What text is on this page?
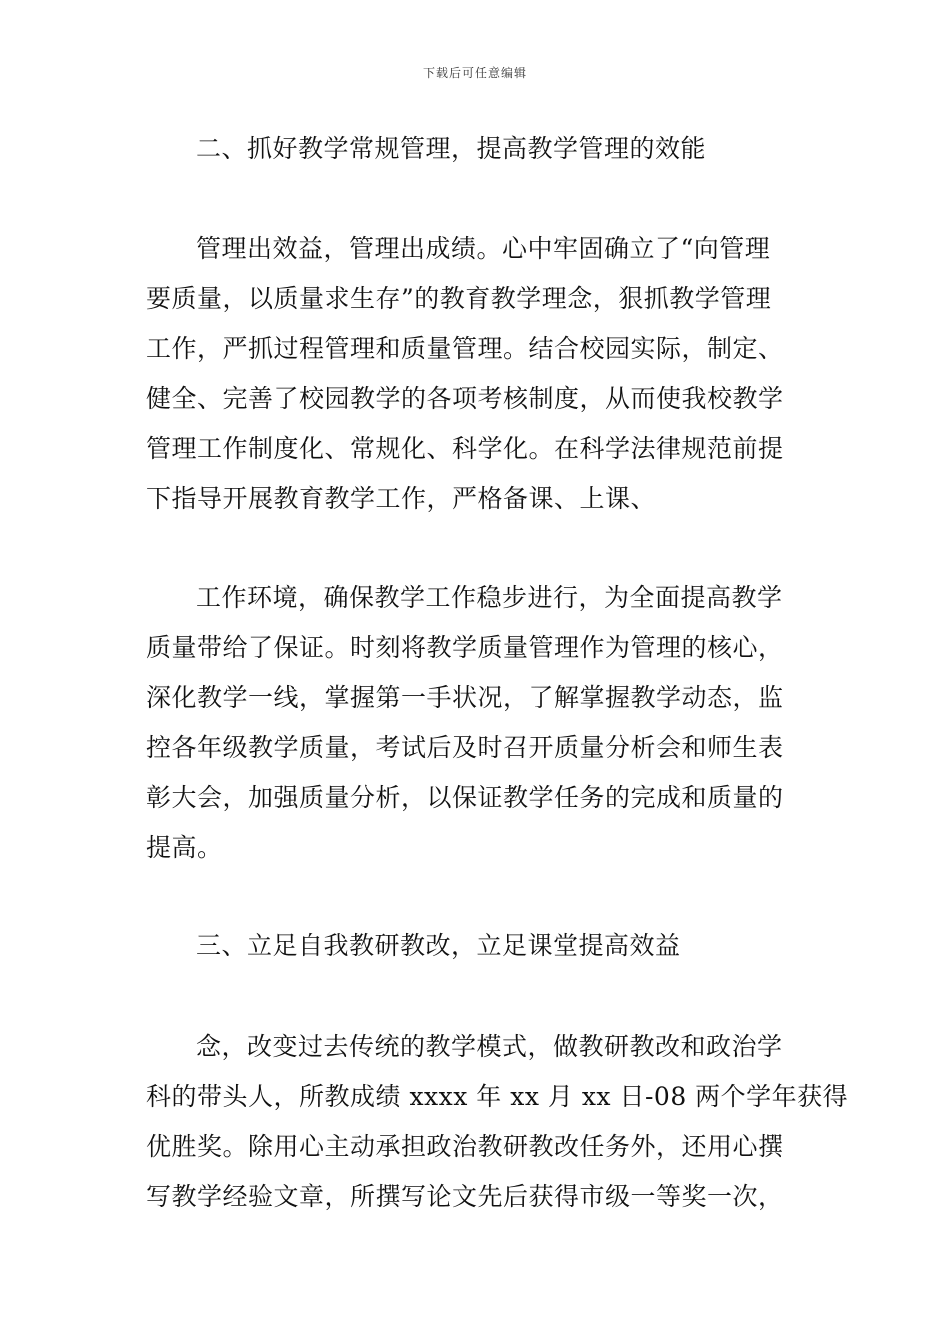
下载后可任意编辑
二、抓好教学常规管理，提高教学管理的效能

管理出效益，管理出成绩。心中牢固确立了“向管理

要质量，以质量求生存”的教育教学理念，狠抓教学管理

工作，严抓过程管理和质量管理。结合校园实际，制定、

健全、完善了校园教学的各项考核制度，从而使我校教学

管理工作制度化、常规化、科学化。在科学法律规范前提

下指导开展教育教学工作，严格备课、上课、

工作环境，确保教学工作稳步进行，为全面提高教学

质量带给了保证。时刻将教学质量管理作为管理的核心，

深化教学一线，掌握第一手状况，了解掌握教学动态，监

控各年级教学质量，考试后及时召开质量分析会和师生表

彰大会，加强质量分析，以保证教学任务的完成和质量的

提高。

三、立足自我教研教改，立足课堂提高效益

念，改变过去传统的教学模式，做教研教改和政治学

科的带头人，所教成绩 xxxx 年 xx 月 xx 日-08 两个学年获得

优胜奖。除用心主动承担政治教研教改任务外，还用心撰

写教学经验文章，所撰写论文先后获得市级一等奖一次，
